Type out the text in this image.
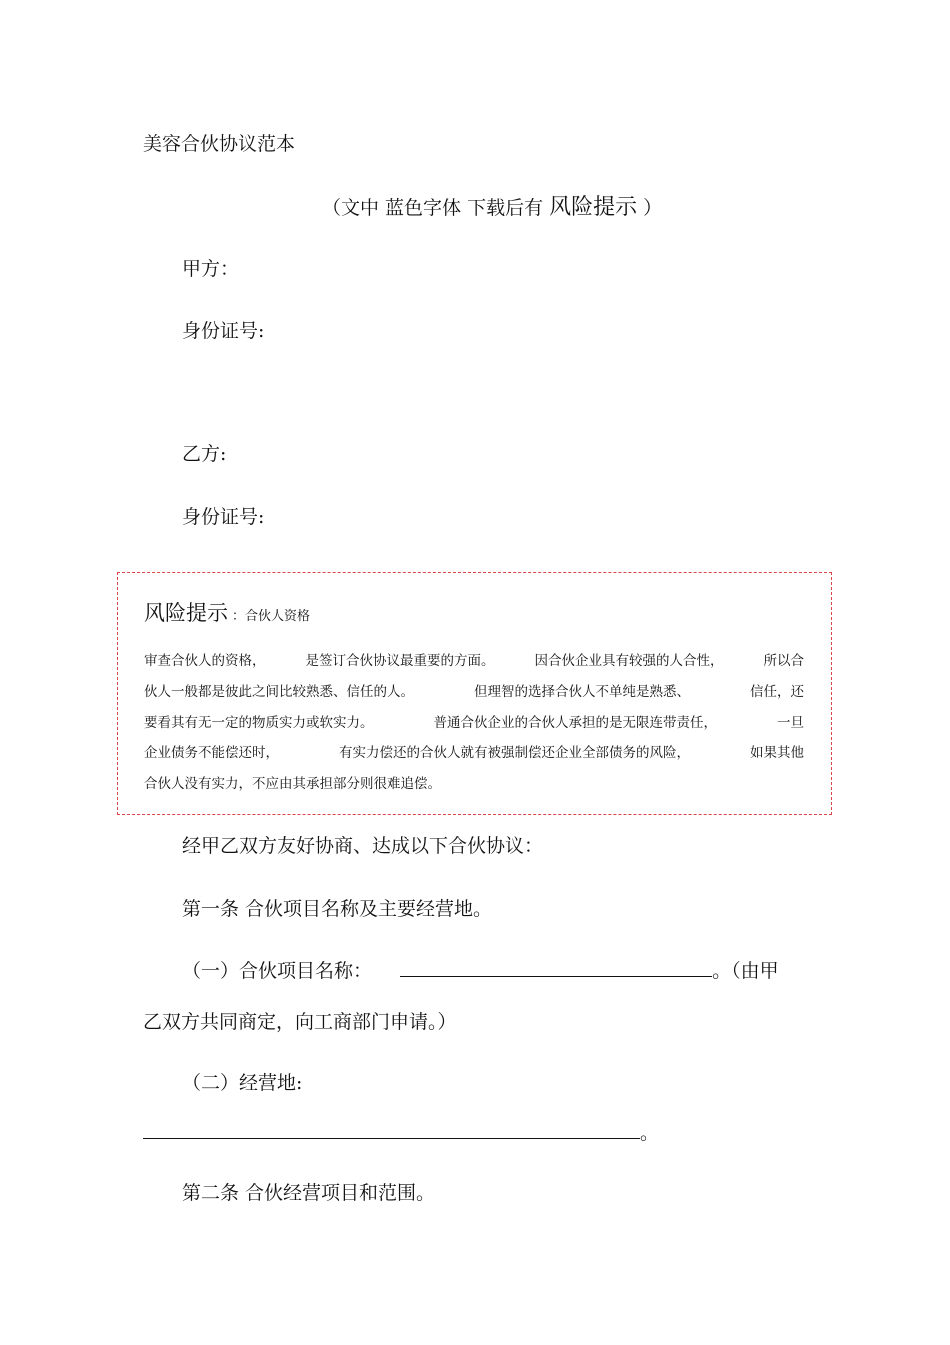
美容合伙协议范本
（文中 蓝色字体 下载后有 风险提示 ）
甲方：
身份证号:
乙方:
身份证号:
风险提示 ：合伙人资格
审查合伙人的资格，	是签订合伙协议最重要的方面。	因合伙企业具有较强的人合性，	所以合
伙人一般都是彼此之间比较熟悉、信任的人。	但理智的选择合伙人不单纯是熟悉、	信任，还
要看其有无一定的物质实力或软实力。	普通合伙企业的合伙人承担的是无限连带责任，	一旦
企业债务不能偿还时，	有实力偿还的合伙人就有被强制偿还企业全部债务的风险，	如果其他
合伙人没有实力，不应由其承担部分则很难追偿。
经甲乙双方友好协商、达成以下合伙协议：
第一条 合伙项目名称及主要经营地。
（一）合伙项目名称：	。（由甲
乙双方共同商定，向工商部门申请。）
（二）经营地:
。
第二条 合伙经营项目和范围。
